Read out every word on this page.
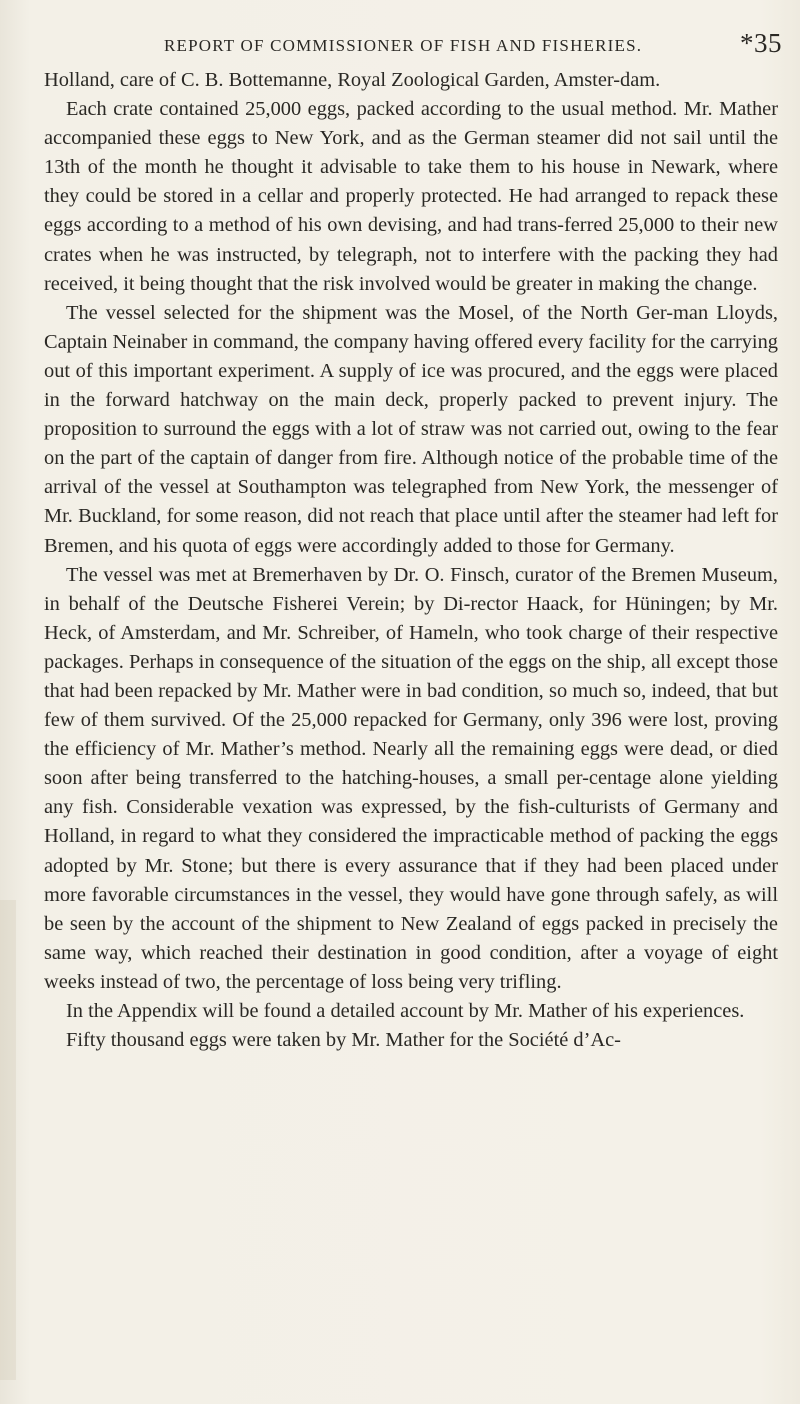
REPORT OF COMMISSIONER OF FISH AND FISHERIES.	*35

Holland, care of C. B. Bottemanne, Royal Zoological Garden, Amster-dam.

Each crate contained 25,000 eggs, packed according to the usual method. Mr. Mather accompanied these eggs to New York, and as the German steamer did not sail until the 13th of the month he thought it advisable to take them to his house in Newark, where they could be stored in a cellar and properly protected. He had arranged to repack these eggs according to a method of his own devising, and had trans-ferred 25,000 to their new crates when he was instructed, by telegraph, not to interfere with the packing they had received, it being thought that the risk involved would be greater in making the change.

The vessel selected for the shipment was the Mosel, of the North Ger-man Lloyds, Captain Neinaber in command, the company having offered every facility for the carrying out of this important experiment. A supply of ice was procured, and the eggs were placed in the forward hatchway on the main deck, properly packed to prevent injury. The proposition to surround the eggs with a lot of straw was not carried out, owing to the fear on the part of the captain of danger from fire. Although notice of the probable time of the arrival of the vessel at Southampton was telegraphed from New York, the messenger of Mr. Buckland, for some reason, did not reach that place until after the steamer had left for Bremen, and his quota of eggs were accordingly added to those for Germany.

The vessel was met at Bremerhaven by Dr. O. Finsch, curator of the Bremen Museum, in behalf of the Deutsche Fisherei Verein; by Di-rector Haack, for Hüningen; by Mr. Heck, of Amsterdam, and Mr. Schreiber, of Hameln, who took charge of their respective packages. Perhaps in consequence of the situation of the eggs on the ship, all except those that had been repacked by Mr. Mather were in bad condition, so much so, indeed, that but few of them survived. Of the 25,000 repacked for Germany, only 396 were lost, proving the efficiency of Mr. Mather’s method. Nearly all the remaining eggs were dead, or died soon after being transferred to the hatching-houses, a small per-centage alone yielding any fish. Considerable vexation was expressed, by the fish-culturists of Germany and Holland, in regard to what they considered the impracticable method of packing the eggs adopted by Mr. Stone; but there is every assurance that if they had been placed under more favorable circumstances in the vessel, they would have gone through safely, as will be seen by the account of the shipment to New Zealand of eggs packed in precisely the same way, which reached their destination in good condition, after a voyage of eight weeks instead of two, the percentage of loss being very trifling.

In the Appendix will be found a detailed account by Mr. Mather of his experiences.

Fifty thousand eggs were taken by Mr. Mather for the Société d’Ac-
